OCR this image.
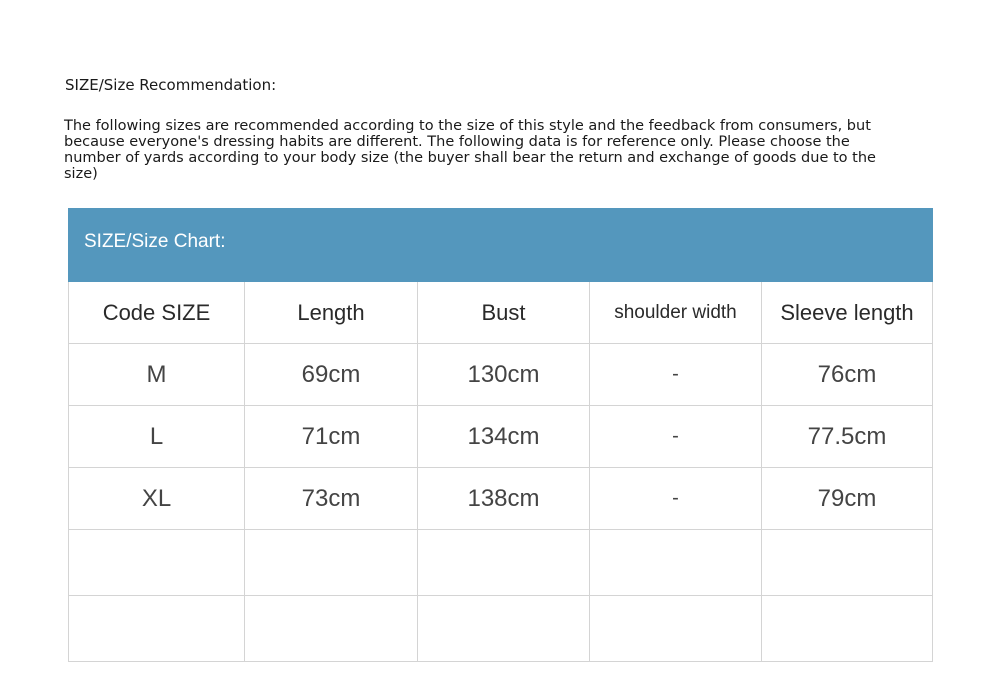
SIZE/Size Recommendation:
The following sizes are recommended according to the size of this style and the feedback from consumers, but
because everyone's dressing habits are different. The following data is for reference only. Please choose the
number of yards according to your body size (the buyer shall bear the return and exchange of goods due to the
size)
SIZE/Size Chart:				
Code SIZE	Length	Bust	shoulder width	Sleeve length
M	69cm	130cm	-	76cm
L	71cm	134cm	-	77.5cm
XL	73cm	138cm	-	79cm
